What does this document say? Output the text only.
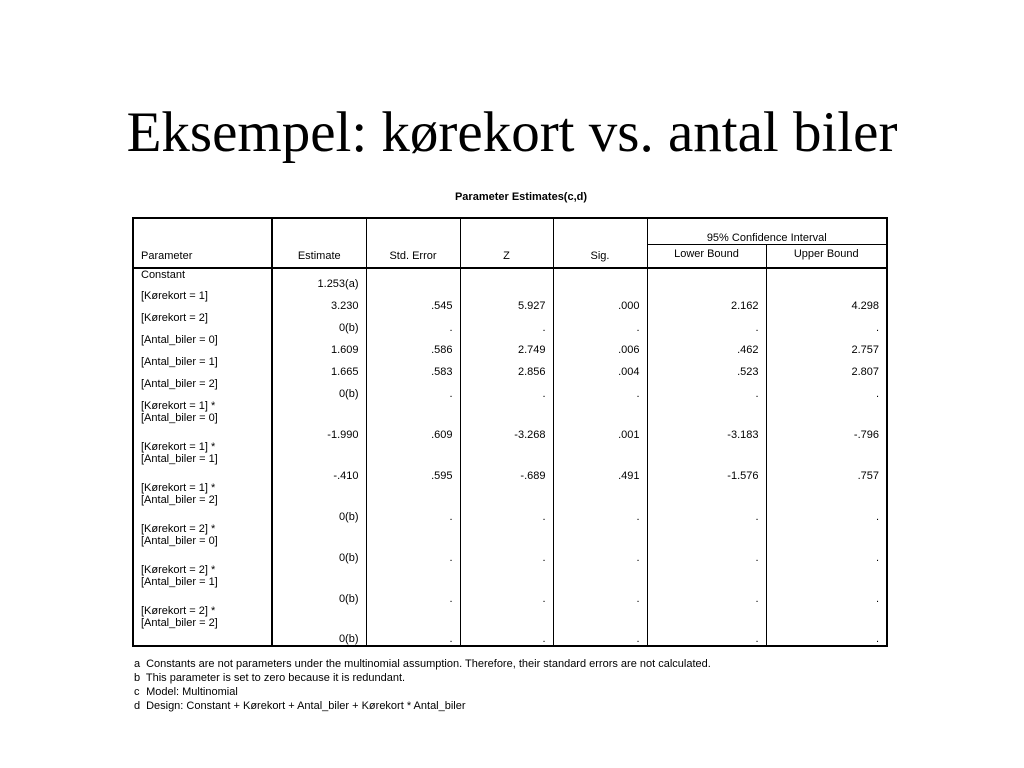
Eksempel: kørekort vs. antal biler
Parameter Estimates(c,d)
					95% Confidence Interval	
Parameter	Estimate	Std. Error	Z	Sig.	Lower Bound	Upper Bound

Constant	1.253(a)					

[Kørekort = 1]	3.230	.545	5.927	.000	2.162	4.298

[Kørekort = 2]	0(b)	.	.	.	.	.

[Antal_biler = 0]	1.609	.586	2.749	.006	.462	2.757

[Antal_biler = 1]	1.665	.583	2.856	.004	.523	2.807

[Antal_biler = 2]	0(b)	.	.	.	.	.

[Kørekort = 1] *
[Antal_biler = 0]	-1.990	.609	-3.268	.001	-3.183	-.796

[Kørekort = 1] *
[Antal_biler = 1]	-.410	.595	-.689	.491	-1.576	.757

[Kørekort = 1] *
[Antal_biler = 2]	0(b)	.	.	.	.	.

[Kørekort = 2] *
[Antal_biler = 0]	0(b)	.	.	.	.	.

[Kørekort = 2] *
[Antal_biler = 1]	0(b)	.	.	.	.	.

[Kørekort = 2] *
[Antal_biler = 2]	0(b)	.	.	.	.	.
a Constants are not parameters under the multinomial assumption. Therefore, their standard errors are not calculated.
b This parameter is set to zero because it is redundant.
c Model: Multinomial
d Design: Constant + Kørekort + Antal_biler + Kørekort * Antal_biler
